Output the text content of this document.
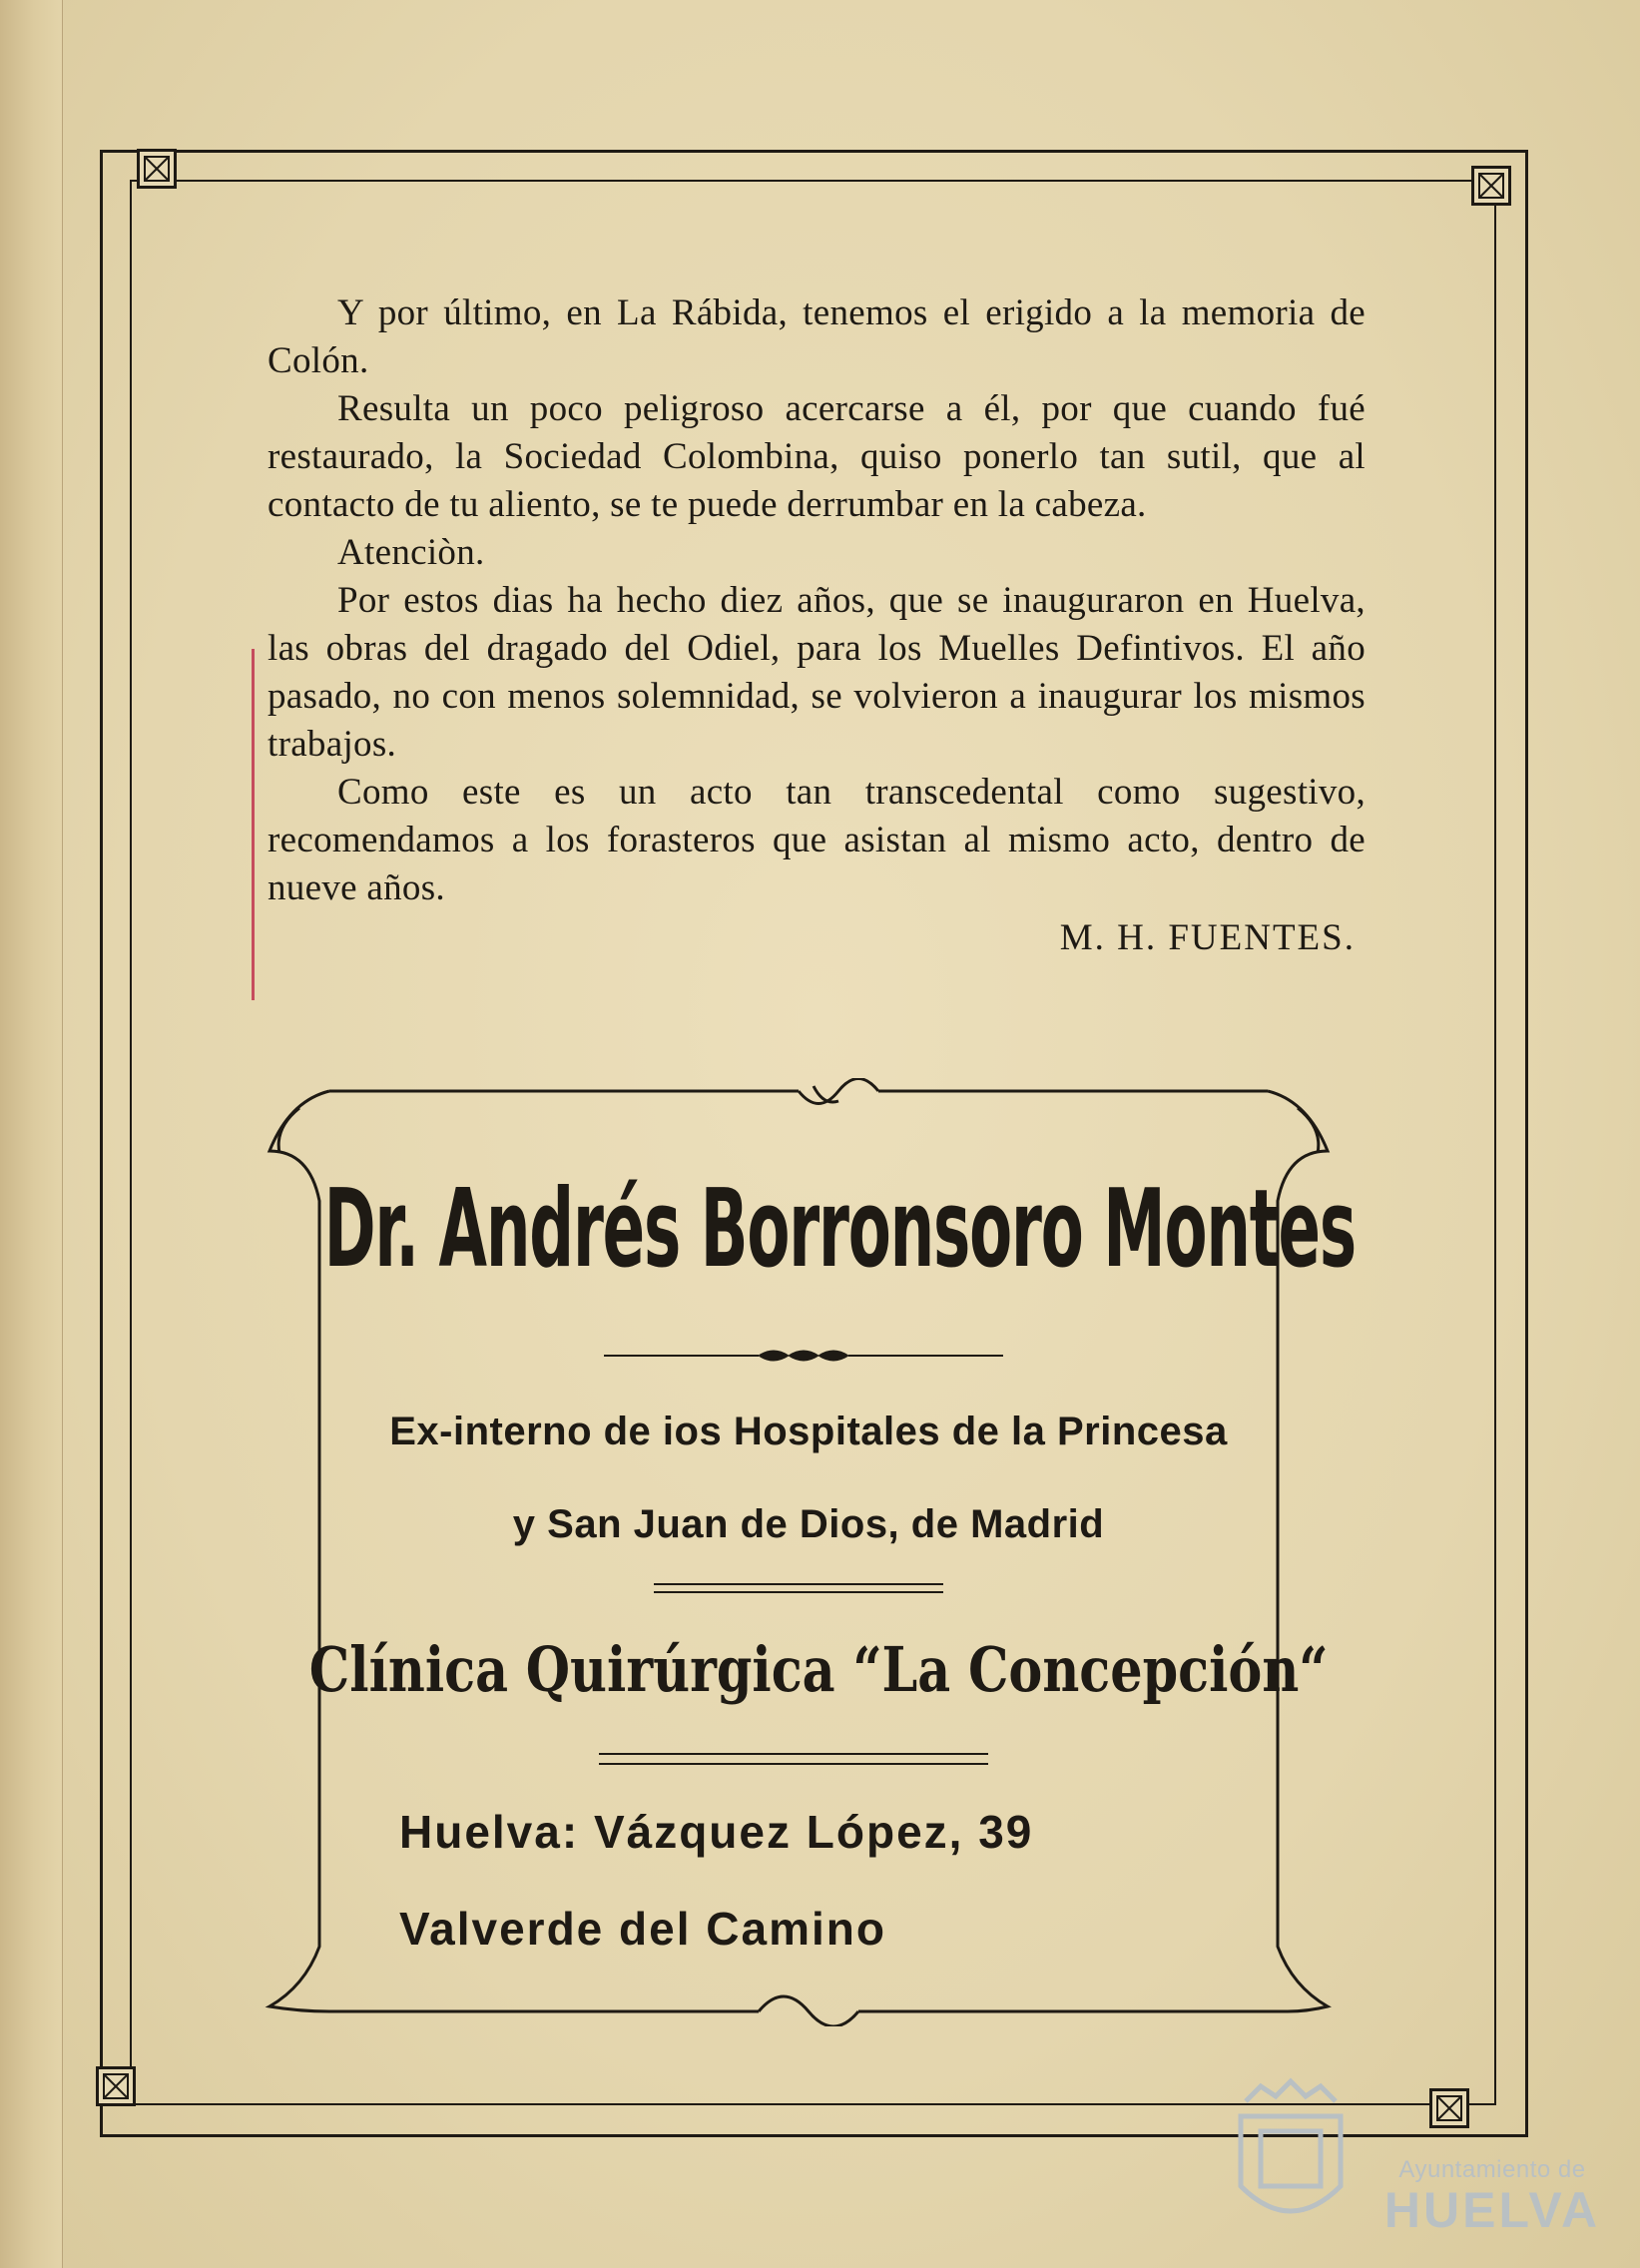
Y por último, en La Rábida, tenemos el erigido a la memoria de Colón.

Resulta un poco peligroso acercarse a él, por que cuando fué restaurado, la Sociedad Colombina, quiso ponerlo tan sutil, que al contacto de tu aliento, se te puede derrumbar en la cabeza.

Atenciòn.

Por estos dias ha hecho diez años, que se inauguraron en Huelva, las obras del dragado del Odiel, para los Muelles Defintivos. El año pasado, no con menos solemnidad, se volvieron a inaugurar los mismos trabajos.

Como este es un acto tan transcedental como sugestivo, recomendamos a los forasteros que asistan al mismo acto, dentro de nueve años.

M. H. FUENTES.

Dr. Andrés Borronsoro Montes
Ex-interno de ios Hospitales de la Princesa
y San Juan de Dios, de Madrid
Clínica Quirúrgica “La Concepción“
Huelva: Vázquez López, 39
Valverde del Camino
Ayuntamiento de
HUELVA
